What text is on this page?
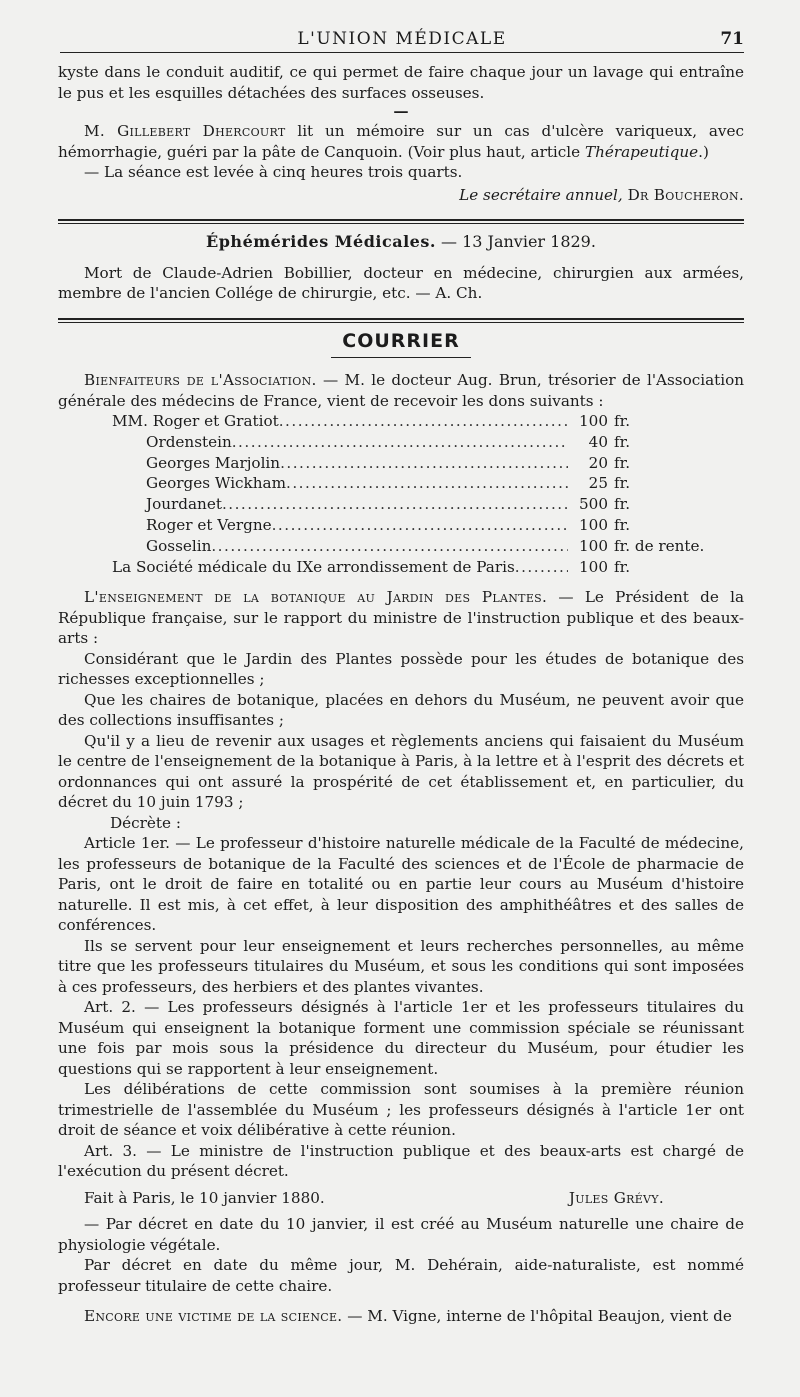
L'UNION MÉDICALE	71

kyste dans le conduit auditif, ce qui permet de faire chaque jour un lavage qui entraîne le pus et les esquilles détachées des surfaces osseuses.

—

M. Gillebert Dhercourt lit un mémoire sur un cas d'ulcère variqueux, avec hémorrhagie, guéri par la pâte de Canquoin. (Voir plus haut, article Thérapeutique.)

— La séance est levée à cinq heures trois quarts.

Le secrétaire annuel, Dr Boucheron.

Éphémérides Médicales. — 13 Janvier 1829.

Mort de Claude-Adrien Bobillier, docteur en médecine, chirurgien aux armées, membre de l'ancien Collége de chirurgie, etc. — A. Ch.

COURRIER

Bienfaiteurs de l'Association. — M. le docteur Aug. Brun, trésorier de l'Association générale des médecins de France, vient de recevoir les dons suivants :

MM. Roger et Gratiot .....	100 fr.
Ordenstein .....	40 fr.
Georges Marjolin .....	20 fr.
Georges Wickham .....	25 fr.
Jourdanet .....	500 fr.
Roger et Vergne .....	100 fr.
Gosselin .....	100 fr. de rente.
La Société médicale du IXe arrondissement de Paris .....	100 fr.

L'enseignement de la botanique au Jardin des Plantes. — Le Président de la République française, sur le rapport du ministre de l'instruction publique et des beaux-arts :

Considérant que le Jardin des Plantes possède pour les études de botanique des richesses exceptionnelles ;

Que les chaires de botanique, placées en dehors du Muséum, ne peuvent avoir que des collections insuffisantes ;

Qu'il y a lieu de revenir aux usages et règlements anciens qui faisaient du Muséum le centre de l'enseignement de la botanique à Paris, à la lettre et à l'esprit des décrets et ordonnances qui ont assuré la prospérité de cet établissement et, en particulier, du décret du 10 juin 1793 ;

Décrète :

Article 1er. — Le professeur d'histoire naturelle médicale de la Faculté de médecine, les professeurs de botanique de la Faculté des sciences et de l'École de pharmacie de Paris, ont le droit de faire en totalité ou en partie leur cours au Muséum d'histoire naturelle. Il est mis, à cet effet, à leur disposition des amphithéâtres et des salles de conférences.

Ils se servent pour leur enseignement et leurs recherches personnelles, au même titre que les professeurs titulaires du Muséum, et sous les conditions qui sont imposées à ces professeurs, des herbiers et des plantes vivantes.

Art. 2. — Les professeurs désignés à l'article 1er et les professeurs titulaires du Muséum qui enseignent la botanique forment une commission spéciale se réunissant une fois par mois sous la présidence du directeur du Muséum, pour étudier les questions qui se rapportent à leur enseignement.

Les délibérations de cette commission sont soumises à la première réunion trimestrielle de l'assemblée du Muséum ; les professeurs désignés à l'article 1er ont droit de séance et voix délibérative à cette réunion.

Art. 3. — Le ministre de l'instruction publique et des beaux-arts est chargé de l'exécution du présent décret.

Fait à Paris, le 10 janvier 1880.	Jules Grévy.

— Par décret en date du 10 janvier, il est créé au Muséum naturelle une chaire de physiologie végétale.

Par décret en date du même jour, M. Dehérain, aide-naturaliste, est nommé professeur titulaire de cette chaire.

Encore une victime de la science. — M. Vigne, interne de l'hôpital Beaujon, vient de
